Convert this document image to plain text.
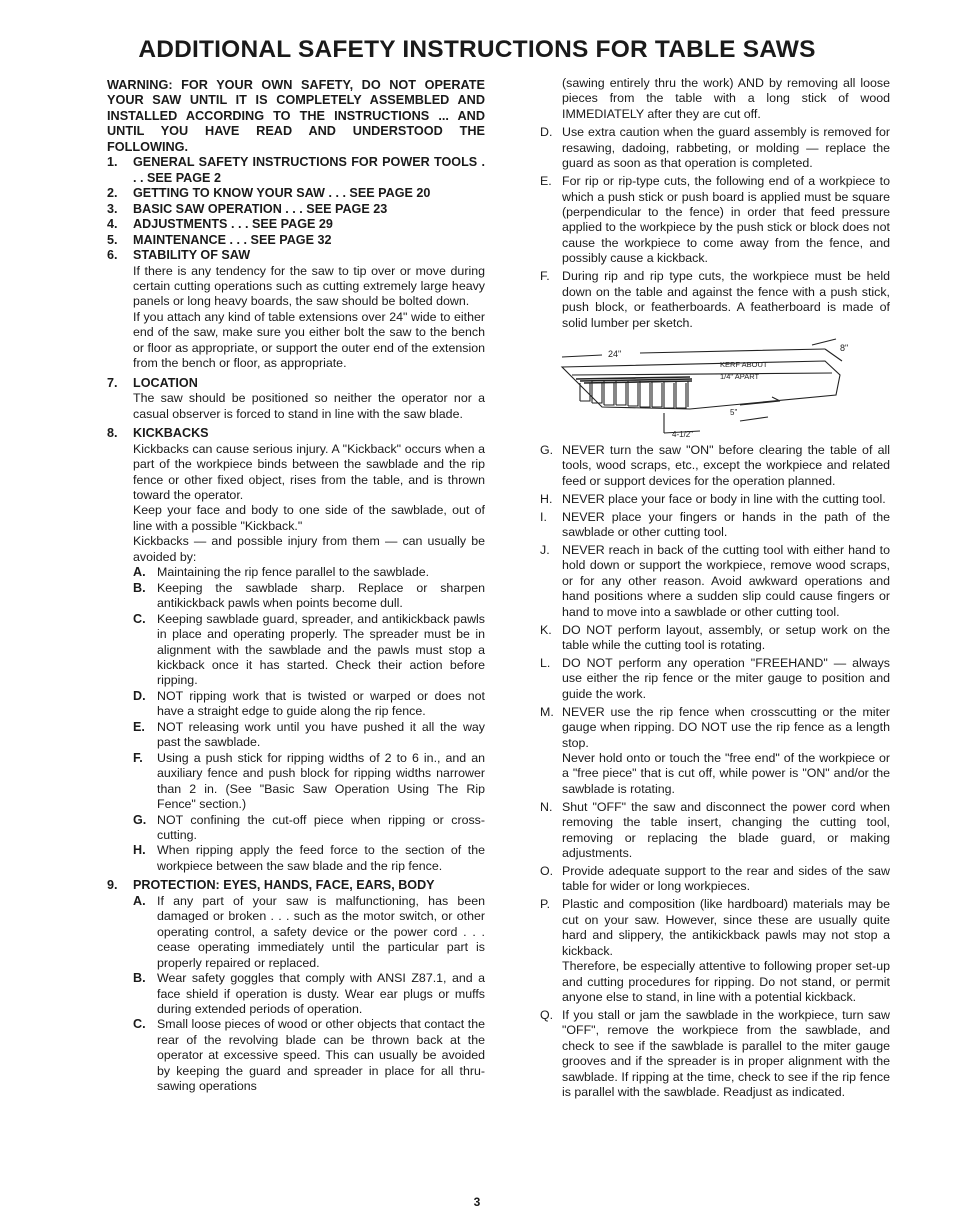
ADDITIONAL SAFETY INSTRUCTIONS FOR TABLE SAWS

WARNING: FOR YOUR OWN SAFETY, DO NOT OPERATE YOUR SAW UNTIL IT IS COMPLETELY ASSEMBLED AND INSTALLED ACCORDING TO THE INSTRUCTIONS ... AND UNTIL YOU HAVE READ AND UNDERSTOOD THE FOLLOWING.

1.	GENERAL SAFETY INSTRUCTIONS FOR POWER TOOLS . . . SEE PAGE 2
2.	GETTING TO KNOW YOUR SAW . . . SEE PAGE 20
3.	BASIC SAW OPERATION . . . SEE PAGE 23
4.	ADJUSTMENTS . . . SEE PAGE 29
5.	MAINTENANCE . . . SEE PAGE 32
6.	STABILITY OF SAW

If there is any tendency for the saw to tip over or move during certain cutting operations such as cutting extremely large heavy panels or long heavy boards, the saw should be bolted down.

If you attach any kind of table extensions over 24" wide to either end of the saw, make sure you either bolt the saw to the bench or floor as appropriate, or support the outer end of the extension from the bench or floor, as appropriate.

7.	LOCATION

The saw should be positioned so neither the operator nor a casual observer is forced to stand in line with the saw blade.

8.	KICKBACKS

Kickbacks can cause serious injury. A "Kickback" occurs when a part of the workpiece binds between the sawblade and the rip fence or other fixed object, rises from the table, and is thrown toward the operator.

Keep your face and body to one side of the sawblade, out of line with a possible "Kickback."

Kickbacks — and possible injury from them — can usually be avoided by:

A. Maintaining the rip fence parallel to the sawblade.
B. Keeping the sawblade sharp. Replace or sharpen antikickback pawls when points become dull.
C. Keeping sawblade guard, spreader, and antikickback pawls in place and operating properly. The spreader must be in alignment with the sawblade and the pawls must stop a kickback once it has started. Check their action before ripping.
D. NOT ripping work that is twisted or warped or does not have a straight edge to guide along the rip fence.
E. NOT releasing work until you have pushed it all the way past the sawblade.
F.	Using a push stick for ripping widths of 2 to 6 in., and an auxiliary fence and push block for ripping widths narrower than 2 in. (See "Basic Saw Operation Using The Rip Fence" section.)
G. NOT confining the cut-off piece when ripping or cross-cutting.
H. When ripping apply the feed force to the section of the workpiece between the saw blade and the rip fence.
9.	PROTECTION: EYES, HANDS, FACE, EARS, BODY

A. If any part of your saw is malfunctioning, has been damaged or broken . . . such as the motor switch, or other operating control, a safety device or the power cord . . . cease operating immediately until the particular part is properly repaired or replaced.
B. Wear safety goggles that comply with ANSI Z87.1, and a face shield if operation is dusty. Wear ear plugs or muffs during extended periods of operation.
C. Small loose pieces of wood or other objects that contact the rear of the revolving blade can be thrown back at the operator at excessive speed. This can usually be avoided by keeping the guard and spreader in place for all thru-sawing operations

(sawing entirely thru the work) AND by removing all loose pieces from the table with a long stick of wood IMMEDIATELY after they are cut off.

D. Use extra caution when the guard assembly is removed for resawing, dadoing, rabbeting, or molding — replace the guard as soon as that operation is completed.
E. For rip or rip-type cuts, the following end of a workpiece to which a push stick or push board is applied must be square (perpendicular to the fence) in order that feed pressure applied to the workpiece by the push stick or block does not cause the workpiece to come away from the fence, and possibly cause a kickback.
F. During rip and rip type cuts, the workpiece must be held down on the table and against the fence with a push stick, push block, or featherboards. A featherboard is made of solid lumber per sketch.
24"
8"
KERF ABOUT
1/4" APART
5"
4-1/2"
G. NEVER turn the saw "ON" before clearing the table of all tools, wood scraps, etc., except the workpiece and related feed or support devices for the operation planned.
H. NEVER place your face or body in line with the cutting tool.
I.	NEVER place your fingers or hands in the path of the sawblade or other cutting tool.
J. NEVER reach in back of the cutting tool with either hand to hold down or support the workpiece, remove wood scraps, or for any other reason. Avoid awkward operations and hand positions where a sudden slip could cause fingers or hand to move into a sawblade or other cutting tool.
K. DO NOT perform layout, assembly, or setup work on the table while the cutting tool is rotating.
L. DO NOT perform any operation "FREEHAND" — always use either the rip fence or the miter gauge to position and guide the work.
M. NEVER use the rip fence when crosscutting or the miter gauge when ripping. DO NOT use the rip fence as a length stop.
Never hold onto or touch the "free end" of the workpiece or a "free piece" that is cut off, while power is "ON" and/or the sawblade is rotating.
N. Shut "OFF" the saw and disconnect the power cord when removing the table insert, changing the cutting tool, removing or replacing the blade guard, or making adjustments.
O. Provide adequate support to the rear and sides of the saw table for wider or long workpieces.
P. Plastic and composition (like hardboard) materials may be cut on your saw. However, since these are usually quite hard and slippery, the antikickback pawls may not stop a kickback.
Therefore, be especially attentive to following proper set-up and cutting procedures for ripping. Do not stand, or permit anyone else to stand, in line with a potential kickback.
Q. If you stall or jam the sawblade in the workpiece, turn saw "OFF", remove the workpiece from the sawblade, and check to see if the sawblade is parallel to the miter gauge grooves and if the spreader is in proper alignment with the sawblade. If ripping at the time, check to see if the rip fence is parallel with the sawblade. Readjust as indicated.
3
